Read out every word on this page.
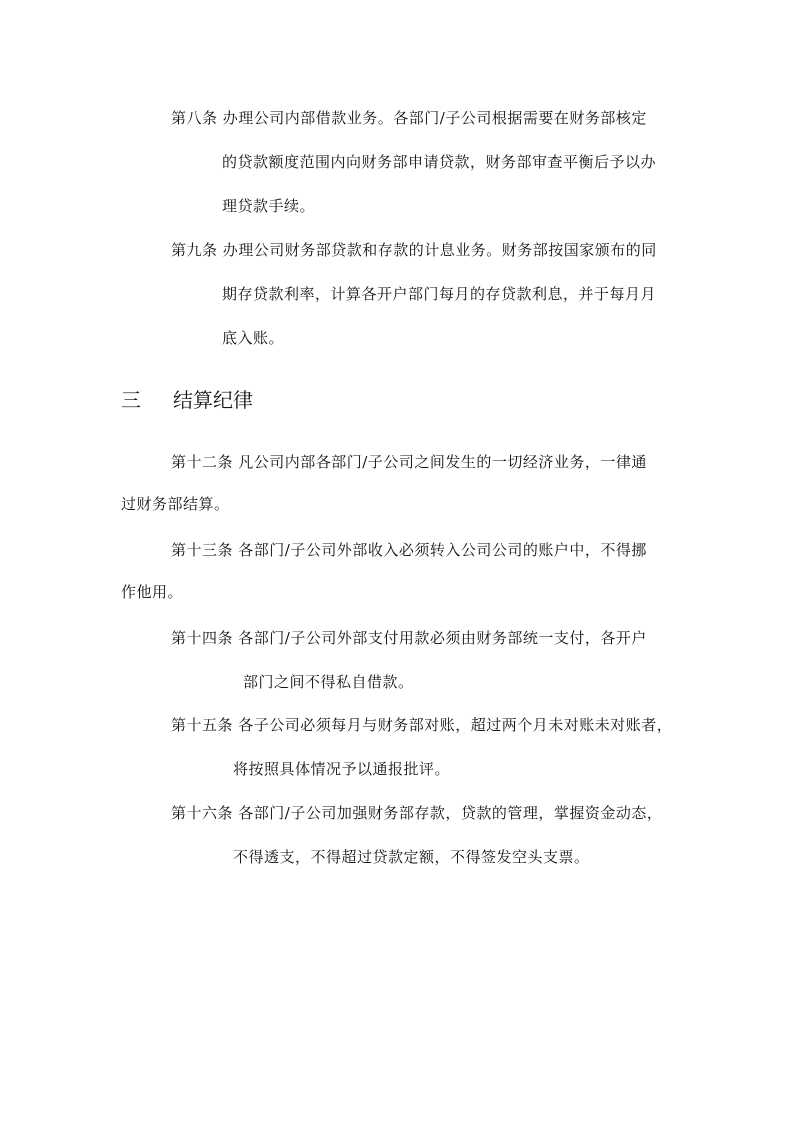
第八条 办理公司内部借款业务。各部门/子公司根据需要在财务部核定
的贷款额度范围内向财务部申请贷款，财务部审查平衡后予以办
理贷款手续。
第九条 办理公司财务部贷款和存款的计息业务。财务部按国家颁布的同
期存贷款利率，计算各开户部门每月的存贷款利息，并于每月月
底入账。
三 结算纪律
第十二条 凡公司内部各部门/子公司之间发生的一切经济业务，一律通
过财务部结算。
第十三条 各部门/子公司外部收入必须转入公司公司的账户中，不得挪
作他用。
第十四条 各部门/子公司外部支付用款必须由财务部统一支付，各开户
部门之间不得私自借款。
第十五条 各子公司必须每月与财务部对账，超过两个月未对账未对账者，
将按照具体情况予以通报批评。
第十六条 各部门/子公司加强财务部存款，贷款的管理，掌握资金动态，
不得透支，不得超过贷款定额，不得签发空头支票。
